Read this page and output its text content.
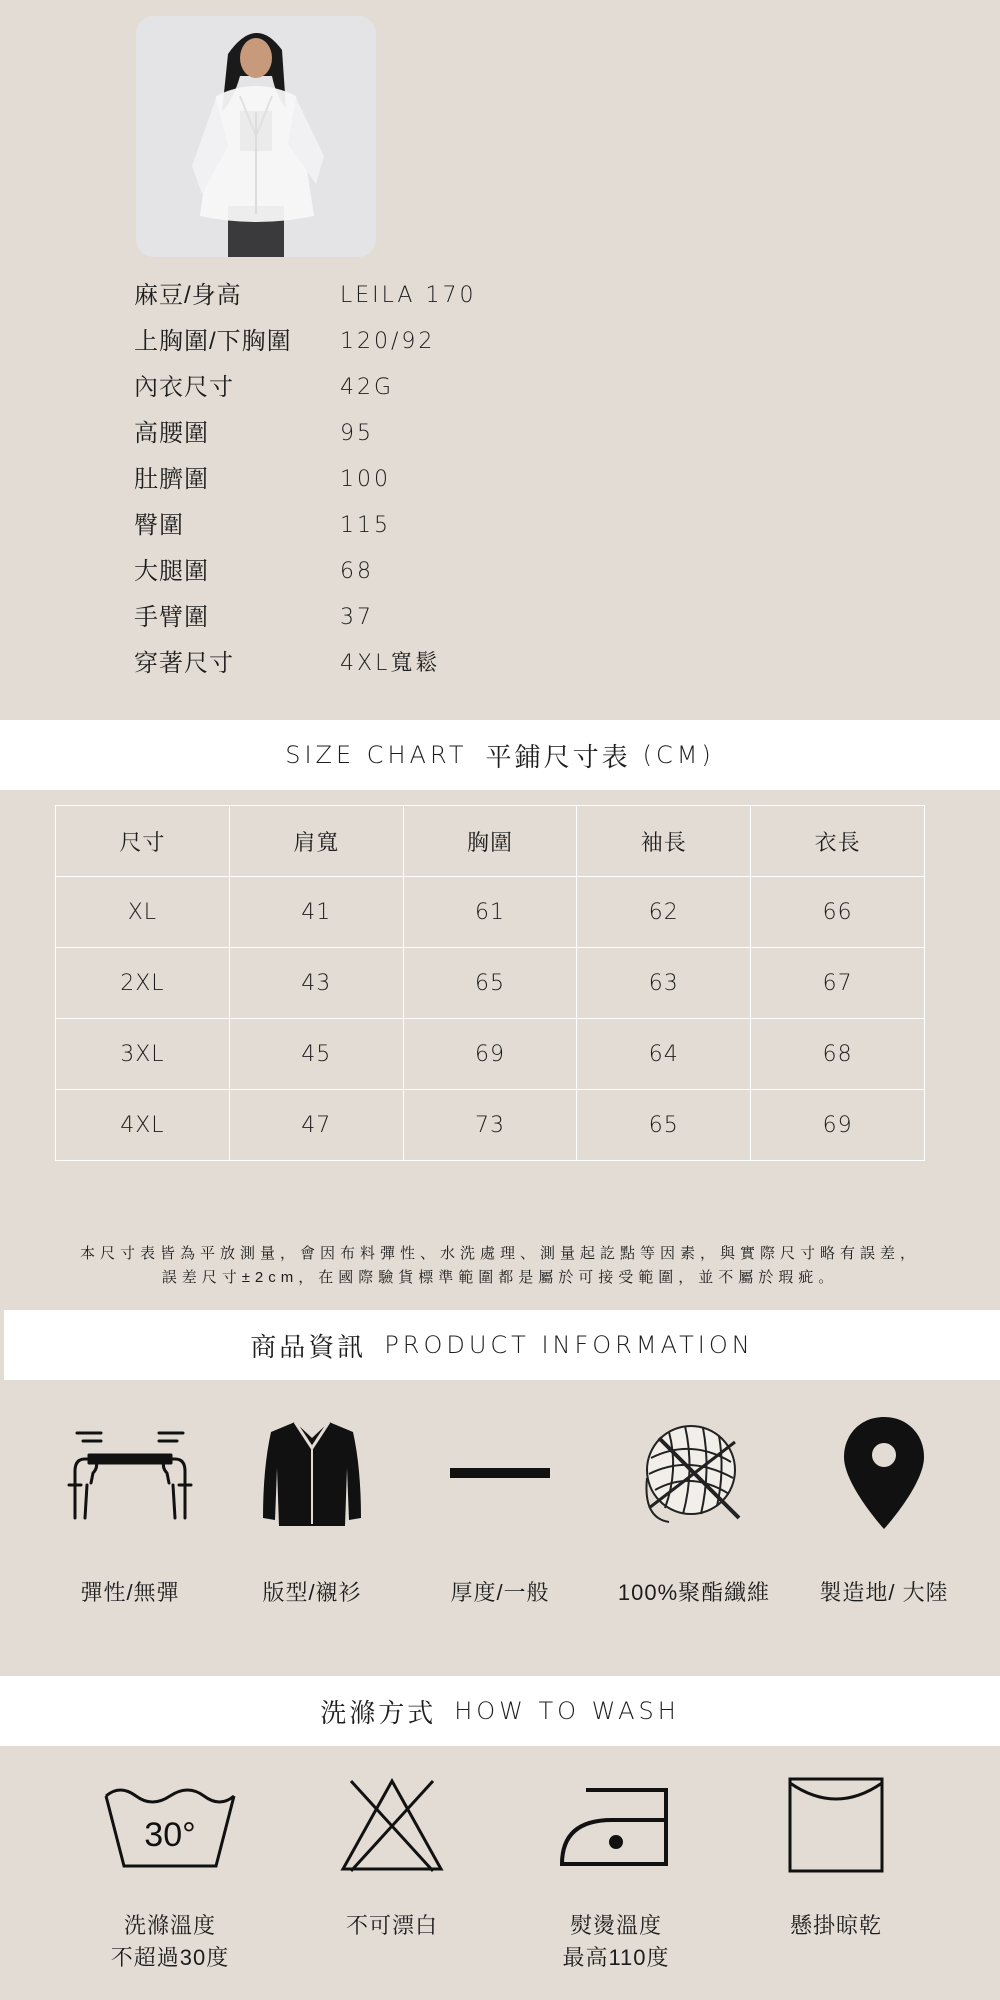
麻豆/身高	LEILA 170
上胸圍/下胸圍 120/92
內衣尺寸	42G
高腰圍	95
肚臍圍	100
臀圍	115
大腿圍	68
手臂圍	37
穿著尺寸	4XL寬鬆
SIZE CHART 平鋪尺寸表 (CM)
尺寸	肩寬	胸圍	袖長	衣長
XL	41	61	62	66
2XL	43	65	63	67
3XL	45	69	64	68
4XL	47	73	65	69
本尺寸表皆為平放測量，會因布料彈性、水洗處理、測量起訖點等因素，與實際尺寸略有誤差，
誤差尺寸±2cm，在國際驗貨標準範圍都是屬於可接受範圍，並不屬於瑕疵。
商品資訊 PRODUCT INFORMATION
彈性/無彈	版型/襯衫	厚度/一般	100%聚酯纖維	製造地/ 大陸
洗滌方式 HOW TO WASH
30°
洗滌溫度
不超過30度
不可漂白	熨燙溫度
最高110度
懸掛晾乾
